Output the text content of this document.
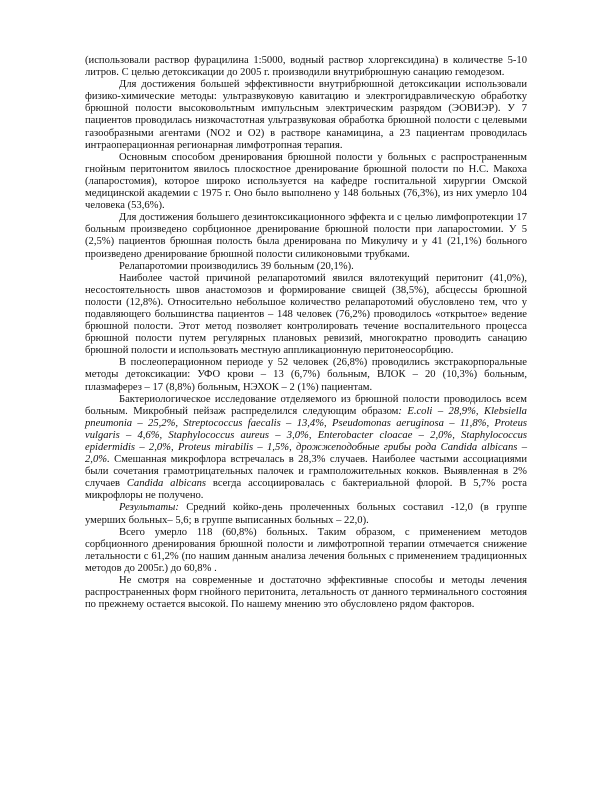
(использовали раствор фурацилина 1:5000, водный раствор хлоргексидина) в количестве 5-10 литров. С целью детоксикации до 2005 г. производили внутрибрюшную санацию гемодезом.

Для достижения большей эффективности внутрибрюшной детоксикации использовали физико-химические методы: ультразвуковую кавитацию и электрогидравлическую обработку брюшной полости высоковольтным импульсным электрическим разрядом (ЭОВИЭР). У 7 пациентов проводилась низкочастотная ультразвуковая обработка брюшной полости с целевыми газообразными агентами (NO2 и O2) в растворе канамицина, а 23 пациентам проводилась интраоперационная регионарная лимфотропная терапия.

Основным способом дренирования брюшной полости у больных с распространенным гнойным перитонитом явилось плоскостное дренирование брюшной полости по Н.С. Макоха (лапаростомия), которое широко используется на кафедре госпитальной хирургии Омской медицинской академии с 1975 г. Оно было выполнено у 148 больных (76,3%), из них умерло 104 человека (53,6%).

Для достижения большего дезинтоксикационного эффекта и с целью лимфопротекции 17 больным произведено сорбционное дренирование брюшной полости при лапаростомии. У 5 (2,5%) пациентов брюшная полость была дренирована по Микуличу и у 41 (21,1%) больного произведено дренирование брюшной полости силиконовыми трубками.

Релапаротомии производились 39 больным (20,1%).

Наиболее частой причиной релапаротомий явился вялотекущий перитонит (41,0%), несостоятельность швов анастомозов и формирование свищей (38,5%), абсцессы брюшной полости (12,8%). Относительно небольшое количество релапаротомий обусловлено тем, что у подавляющего большинства пациентов – 148 человек (76,2%) проводилось «открытое» ведение брюшной полости. Этот метод позволяет контролировать течение воспалительного процесса брюшной полости путем регулярных плановых ревизий, многократно проводить санацию брюшной полости и использовать местную аппликационную перитонеосорбцию.

В послеоперационном периоде у 52 человек (26,8%) проводились экстракорпоральные методы детоксикации: УФО крови – 13 (6,7%) больным, ВЛОК – 20 (10,3%) больным, плазмаферез – 17 (8,8%) больным, НЭХОК – 2 (1%) пациентам.

Бактериологическое исследование отделяемого из брюшной полости проводилось всем больным. Микробный пейзаж распределился следующим образом: E.coli – 28,9%, Klebsiella pneumonia – 25,2%, Streptococcus faecalis – 13,4%, Pseudomonas aeruginosa – 11,8%, Proteus vulgaris – 4,6%, Staphylococcus aureus – 3,0%, Enterobacter cloacae – 2,0%, Staphylococcus epidermidis – 2,0%, Proteus mirabilis – 1,5%, дрожжеподобные грибы рода Candida albicans – 2,0%. Смешанная микрофлора встречалась в 28,3% случаев. Наиболее частыми ассоциациями были сочетания грамотрицательных палочек и грамположительных кокков. Выявленная в 2% случаев Candida albicans всегда ассоциировалась с бактериальной флорой. В 5,7% роста микрофлоры не получено.

Результаты: Средний койко-день пролеченных больных составил -12,0 (в группе умерших больных– 5,6; в группе выписанных больных – 22,0).

Всего умерло 118 (60,8%) больных. Таким образом, с применением методов сорбционного дренирования брюшной полости и лимфотропной терапии отмечается снижение летальности с 61,2% (по нашим данным анализа лечения больных с применением традиционных методов до 2005г.) до 60,8% .

Не смотря на современные и достаточно эффективные способы и методы лечения распространенных форм гнойного перитонита, летальность от данного терминального состояния по прежнему остается высокой. По нашему мнению это обусловлено рядом факторов.
